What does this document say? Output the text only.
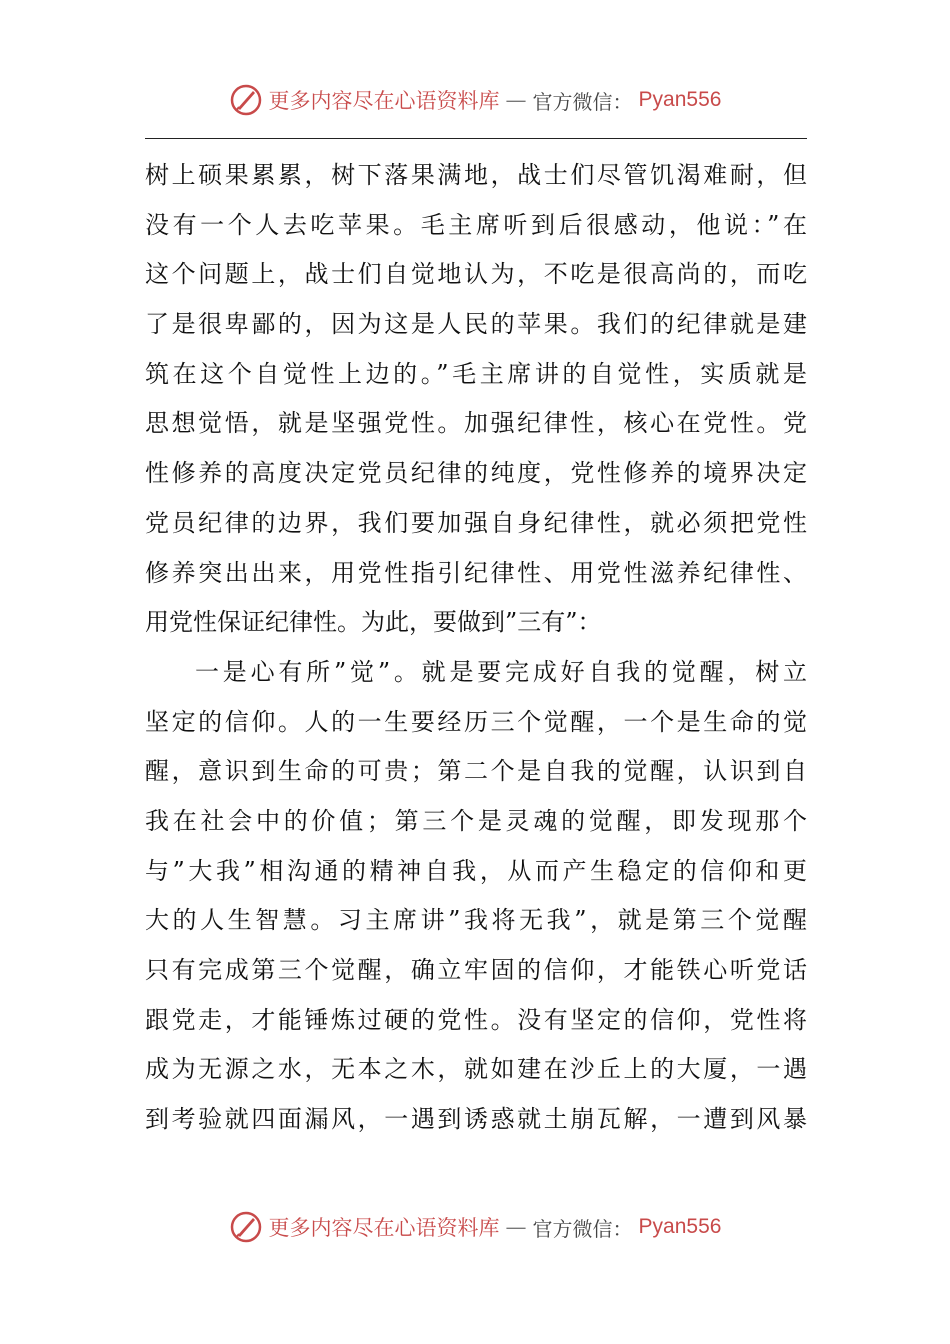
更多内容尽在心语资料库 — 官方微信： Pyan556
树上硕果累累，树下落果满地，战士们尽管饥渴难耐，但
没有一个人去吃苹果。毛主席听到后很感动，他说：”在
这个问题上，战士们自觉地认为，不吃是很高尚的，而吃
了是很卑鄙的，因为这是人民的苹果。我们的纪律就是建
筑在这个自觉性上边的。”毛主席讲的自觉性，实质就是
思想觉悟，就是坚强党性。加强纪律性，核心在党性。党
性修养的高度决定党员纪律的纯度，党性修养的境界决定
党员纪律的边界，我们要加强自身纪律性，就必须把党性
修养突出出来，用党性指引纪律性、用党性滋养纪律性、
用党性保证纪律性。为此，要做到”三有”：
一是心有所”觉”。就是要完成好自我的觉醒，树立
坚定的信仰。人的一生要经历三个觉醒，一个是生命的觉
醒，意识到生命的可贵；第二个是自我的觉醒，认识到自
我在社会中的价值；第三个是灵魂的觉醒，即发现那个
与”大我”相沟通的精神自我，从而产生稳定的信仰和更
大的人生智慧。习主席讲”我将无我”，就是第三个觉醒
只有完成第三个觉醒，确立牢固的信仰，才能铁心听党话
跟党走，才能锤炼过硬的党性。没有坚定的信仰，党性将
成为无源之水，无本之木，就如建在沙丘上的大厦，一遇
到考验就四面漏风，一遇到诱惑就土崩瓦解，一遭到风暴
更多内容尽在心语资料库 — 官方微信： Pyan556
